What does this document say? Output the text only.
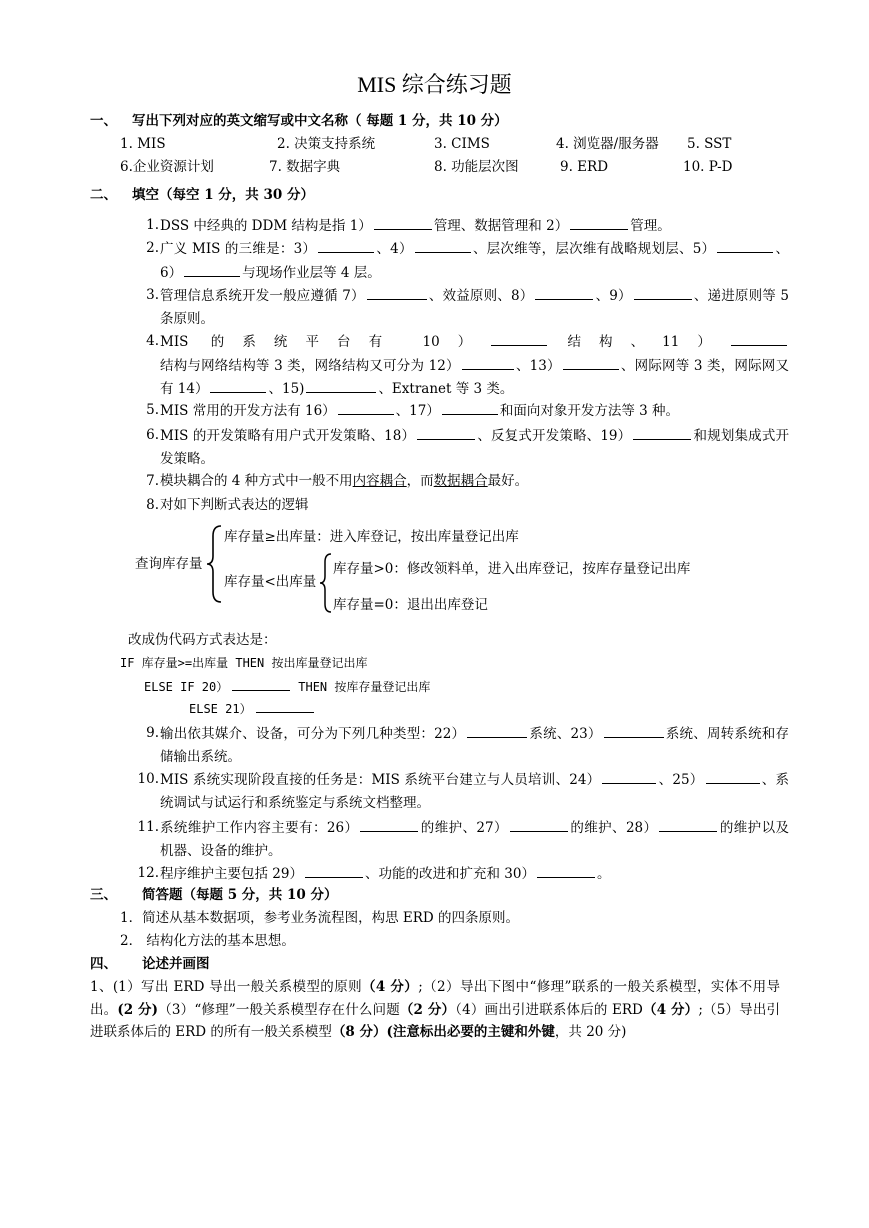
MIS 综合练习题
一、 写出下列对应的英文缩写或中文名称（ 每题 1 分，共 10 分）
1. MIS	2. 决策支持系统	3. CIMS	4. 浏览器/服务器 5. SST
6.企业资源计划	7. 数据字典	8. 功能层次图	9. ERD	10. P-D
二、 填空（每空 1 分，共 30 分）
1. DSS 中经典的 DDM 结构是指 1）	管理、数据管理和 2）	管理。
2. 广义 MIS 的三维是：3）	、4）	、层次维等，层次维有战略规划层、5）	、6）	与现场作业层等 4 层。
3. 管理信息系统开发一般应遵循 7）	、效益原则、8）	、9）	、递进原则等 5 条原则。
4. MIS 的系统平台有 10）	结构、11）结构与网络结构等 3 类，网络结构又可分为 12）	、13）	、网际网等 3 类，网际网又有 14）	、15)	、Extranet 等 3 类。
5. MIS 常用的开发方法有 16）	、17）	和面向对象开发方法等 3 种。
6. MIS 的开发策略有用户式开发策略、18）	、反复式开发策略、19）	和规划集成式开发策略。
7. 模块耦合的 4 种方式中一般不用内容耦合，而数据耦合最好。
8. 对如下判断式表达的逻辑
查询库存量
库存量≥出库量：进入库登记，按出库量登记出库
库存量<出库量
库存量>0：修改领料单，进入出库登记，按库存量登记出库
库存量=0：退出出库登记
改成伪代码方式表达是：
IF 库存量>=出库量 THEN 按出库量登记出库
ELSE IF 20）	THEN 按库存量登记出库
ELSE 21）
9. 输出依其媒介、设备，可分为下列几种类型：22）	系统、23）	系统、周转系统和存储输出系统。
10. MIS 系统实现阶段直接的任务是：MIS 系统平台建立与人员培训、24）	、25）	、系统调试与试运行和系统鉴定与系统文档整理。
11. 系统维护工作内容主要有：26）	的维护、27）	的维护、28）	的维护以及机器、设备的维护。
12. 程序维护主要包括 29）	、功能的改进和扩充和 30）	。
三、 简答题（每题 5 分，共 10 分）
1．简述从基本数据项，参考业务流程图，构思 ERD 的四条原则。
2． 结构化方法的基本思想。
四、 论述并画图
1、(1）写出 ERD 导出一般关系模型的原则（4 分）;（2）导出下图中“修理”联系的一般关系模型，实体不用导出。(2 分)（3）“修理”一般关系模型存在什么问题（2 分）（4）画出引进联系体后的 ERD（4 分）;（5）导出引进联系体后的 ERD 的所有一般关系模型（8 分）(注意标出必要的主键和外键，共 20 分)
